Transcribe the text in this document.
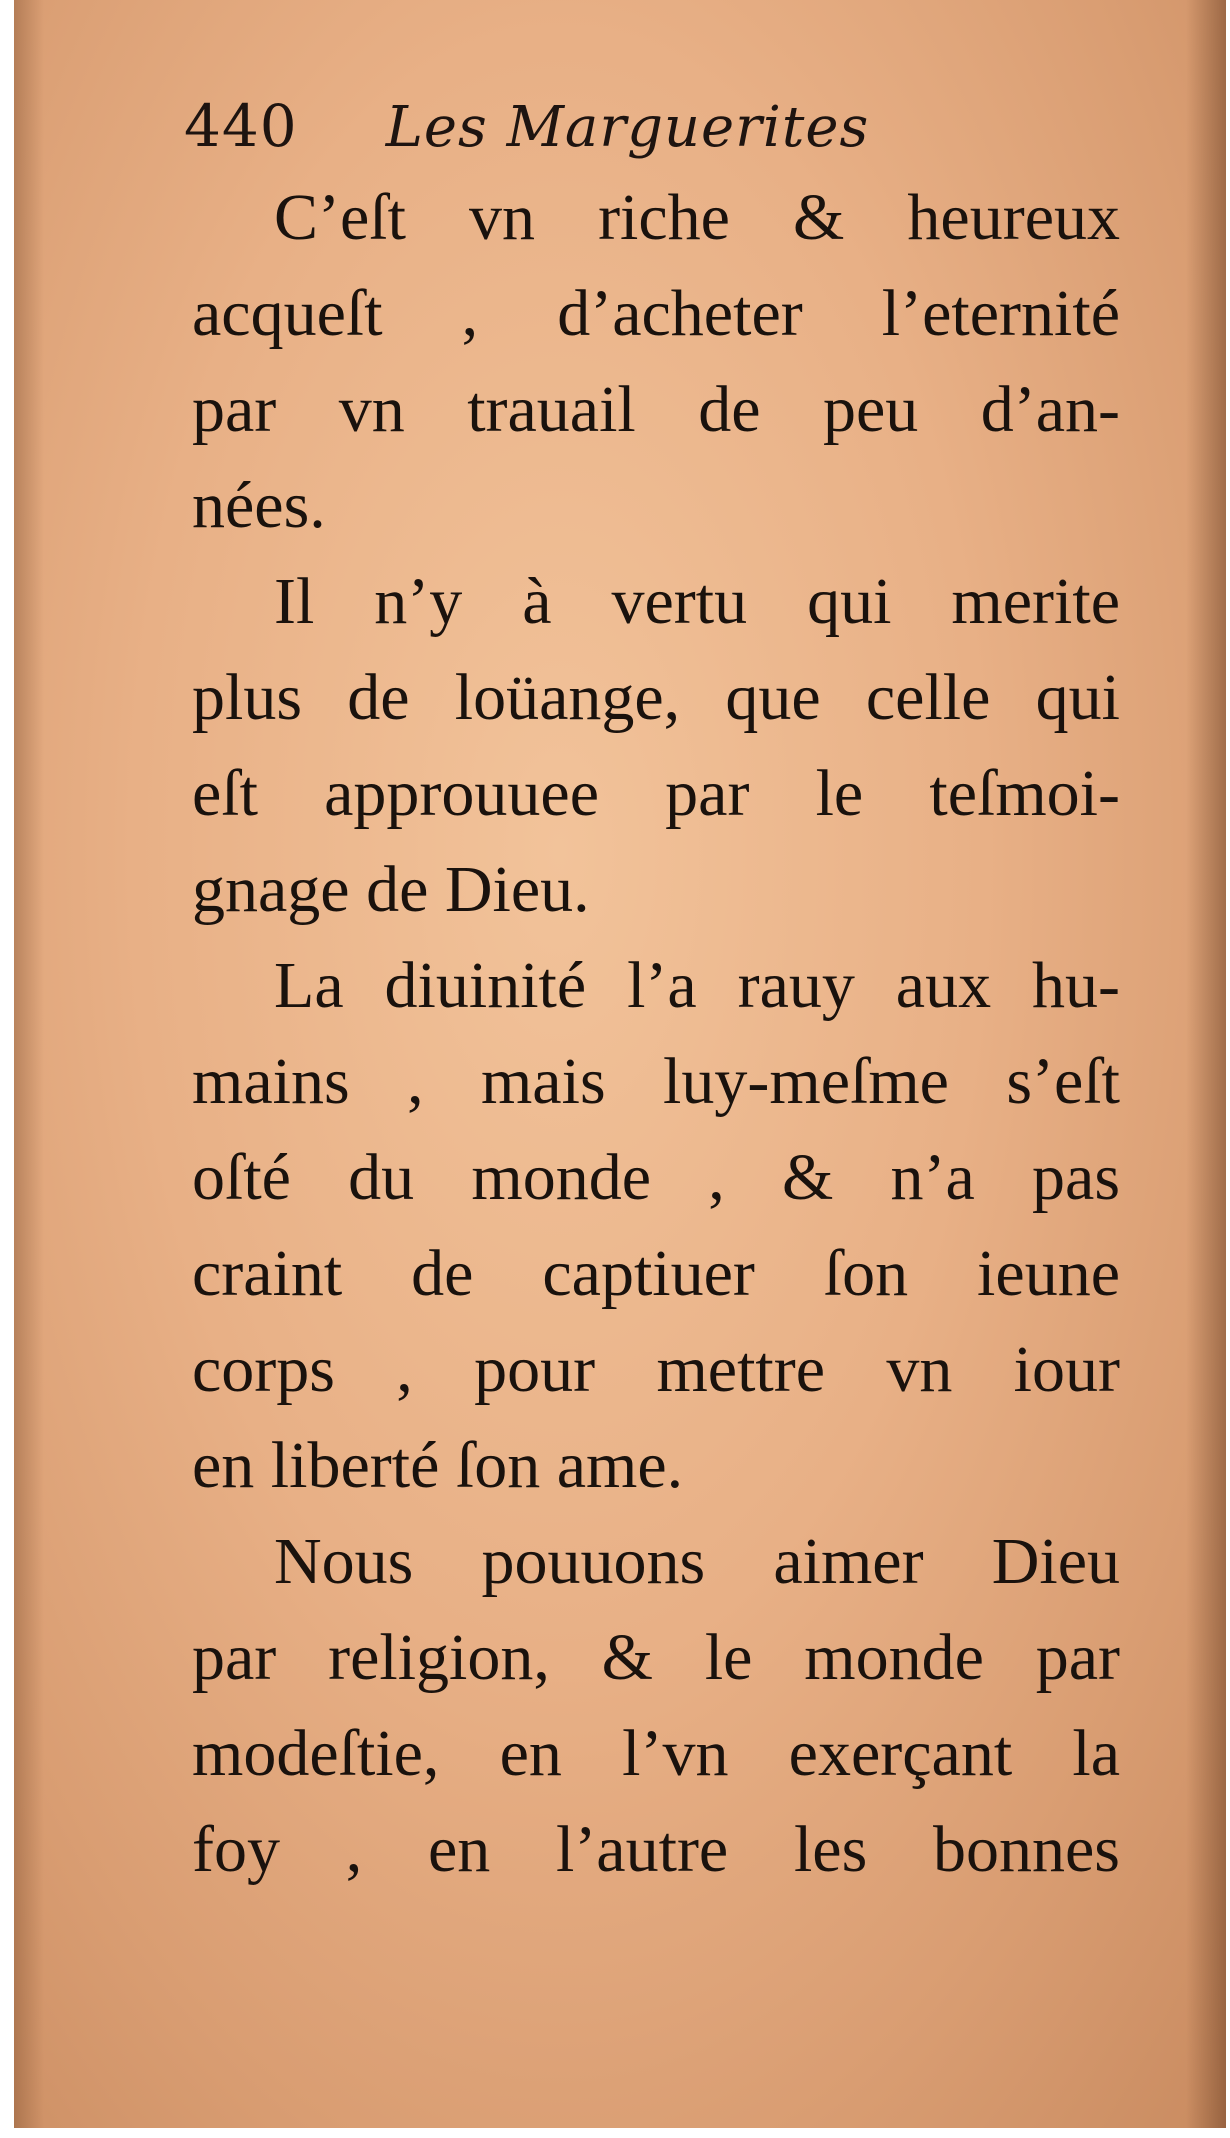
440 Les Marguerites
C’eſt vn riche & heureux
acqueſt , d’acheter l’eternité
par vn trauail de peu d’an-
nées.
Il n’y à vertu qui merite
plus de loüange, que celle qui
eſt approuuee par le teſmoi-
gnage de Dieu.
La diuinité l’a rauy aux hu-
mains , mais luy-meſme s’eſt
oſté du monde , & n’a pas
craint de captiuer ſon ieune
corps , pour mettre vn iour
en liberté ſon ame.
Nous pouuons aimer Dieu
par religion, & le monde par
modeſtie, en l’vn exerçant la
foy , en l’autre les bonnes
